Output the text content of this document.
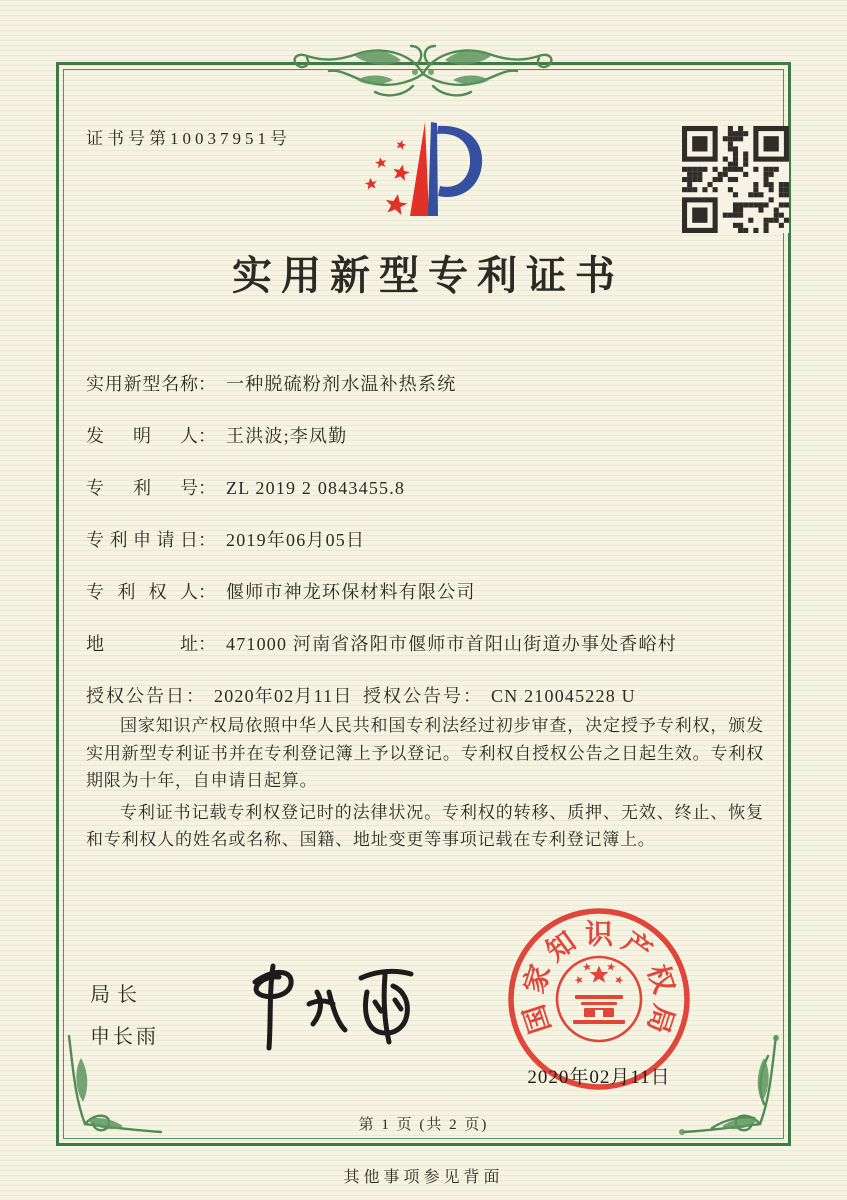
证书号第10037951号
实用新型专利证书
实用新型名称： 一种脱硫粉剂水温补热系统
发明人： 王洪波;李凤勤
专利号： ZL 2019 2 0843455.8
专利申请日： 2019年06月05日
专利权人： 偃师市神龙环保材料有限公司
地址： 471000 河南省洛阳市偃师市首阳山街道办事处香峪村
授权公告日： 2020年02月11日 授权公告号： CN 210045228 U

国家知识产权局依照中华人民共和国专利法经过初步审查，决定授予专利权，颁发实用新型专利证书并在专利登记簿上予以登记。专利权自授权公告之日起生效。专利权期限为十年，自申请日起算。

专利证书记载专利权登记时的法律状况。专利权的转移、质押、无效、终止、恢复和专利权人的姓名或名称、国籍、地址变更等事项记载在专利登记簿上。

局长
申长雨
国
家
知 识 产
权
局
2020年02月11日
第 1 页 (共 2 页)
其他事项参见背面
